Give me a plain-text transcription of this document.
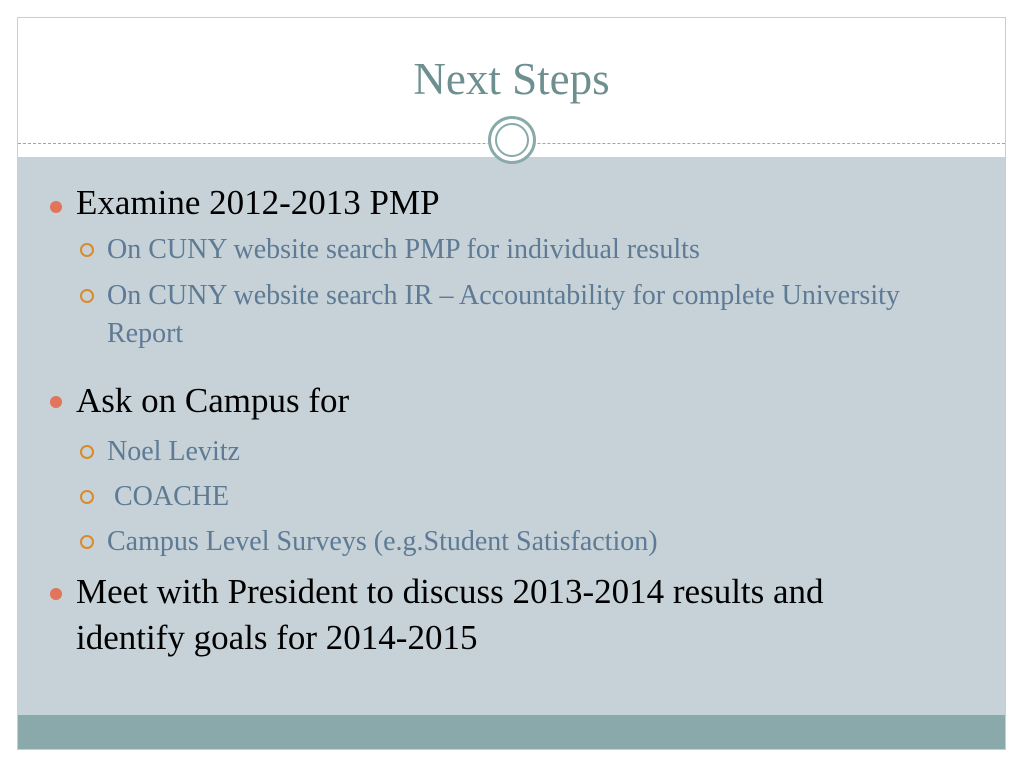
Next Steps
Examine 2012-2013 PMP
On CUNY website search PMP for individual results
On CUNY website search IR – Accountability for complete University Report
Ask on Campus for
Noel Levitz
COACHE
Campus Level Surveys (e.g.Student Satisfaction)
Meet with President to discuss 2013-2014 results and identify goals for 2014-2015
